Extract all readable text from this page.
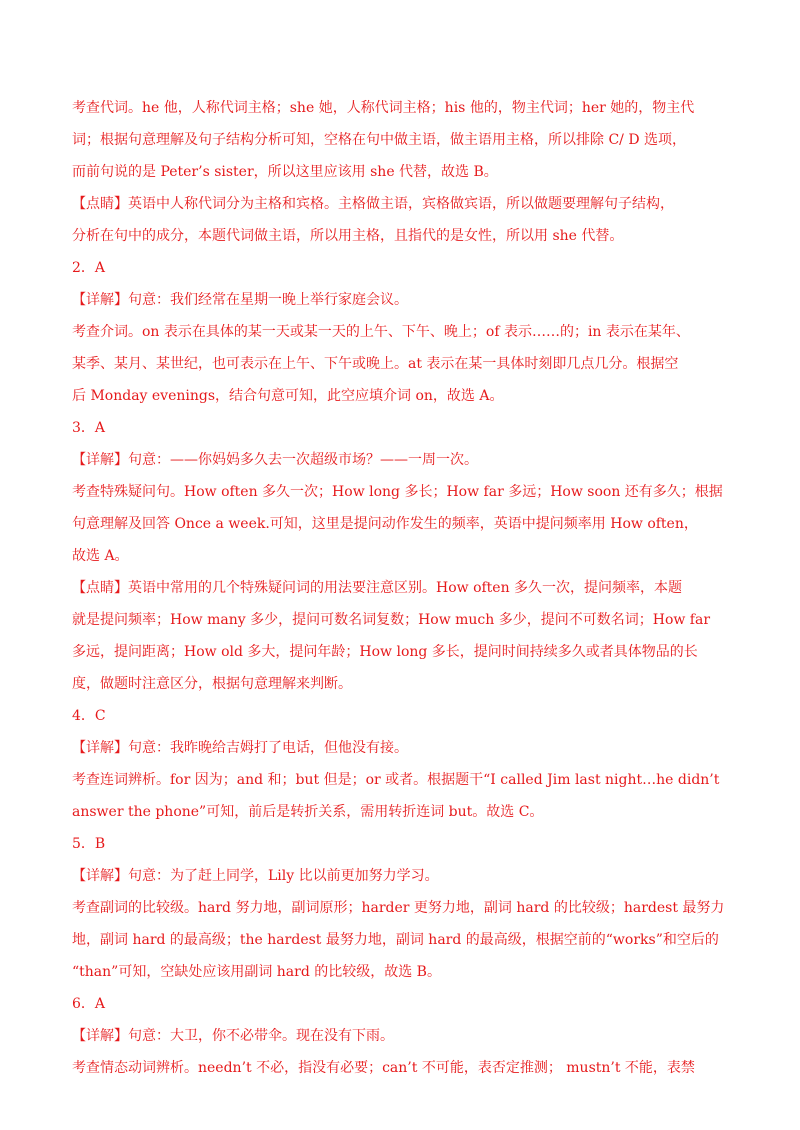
考查代词。he 他，人称代词主格；she 她，人称代词主格；his 他的，物主代词；her 她的，物主代
词；根据句意理解及句子结构分析可知，空格在句中做主语，做主语用主格，所以排除 C/ D 选项，
而前句说的是 Peter’s sister，所以这里应该用 she 代替，故选 B。
【点睛】英语中人称代词分为主格和宾格。主格做主语，宾格做宾语，所以做题要理解句子结构，
分析在句中的成分，本题代词做主语，所以用主格，且指代的是女性，所以用 she 代替。
2．A
【详解】句意：我们经常在星期一晚上举行家庭会议。
考查介词。on 表示在具体的某一天或某一天的上午、下午、晚上；of 表示……的；in 表示在某年、
某季、某月、某世纪，也可表示在上午、下午或晚上。at 表示在某一具体时刻即几点几分。根据空
后 Monday evenings，结合句意可知，此空应填介词 on，故选 A。
3．A
【详解】句意：——你妈妈多久去一次超级市场？——一周一次。
考查特殊疑问句。How often 多久一次；How long 多长；How far 多远；How soon 还有多久；根据
句意理解及回答 Once a week.可知，这里是提问动作发生的频率，英语中提问频率用 How often，
故选 A。
【点睛】英语中常用的几个特殊疑问词的用法要注意区别。How often 多久一次，提问频率，本题
就是提问频率；How many 多少，提问可数名词复数；How much 多少，提问不可数名词；How far
多远，提问距离；How old 多大，提问年龄；How long 多长，提问时间持续多久或者具体物品的长
度，做题时注意区分，根据句意理解来判断。
4．C
【详解】句意：我昨晚给吉姆打了电话，但他没有接。
考查连词辨析。for 因为；and 和；but 但是；or 或者。根据题干“I called Jim last night…he didn’t
answer the phone”可知，前后是转折关系，需用转折连词 but。故选 C。
5．B
【详解】句意：为了赶上同学，Lily 比以前更加努力学习。
考查副词的比较级。hard 努力地，副词原形；harder 更努力地，副词 hard 的比较级；hardest 最努力
地，副词 hard 的最高级；the hardest 最努力地，副词 hard 的最高级，根据空前的“works”和空后的
“than”可知，空缺处应该用副词 hard 的比较级，故选 B。
6．A
【详解】句意：大卫，你不必带伞。现在没有下雨。
考查情态动词辨析。needn’t 不必，指没有必要；can’t 不可能，表否定推测； mustn’t 不能，表禁
